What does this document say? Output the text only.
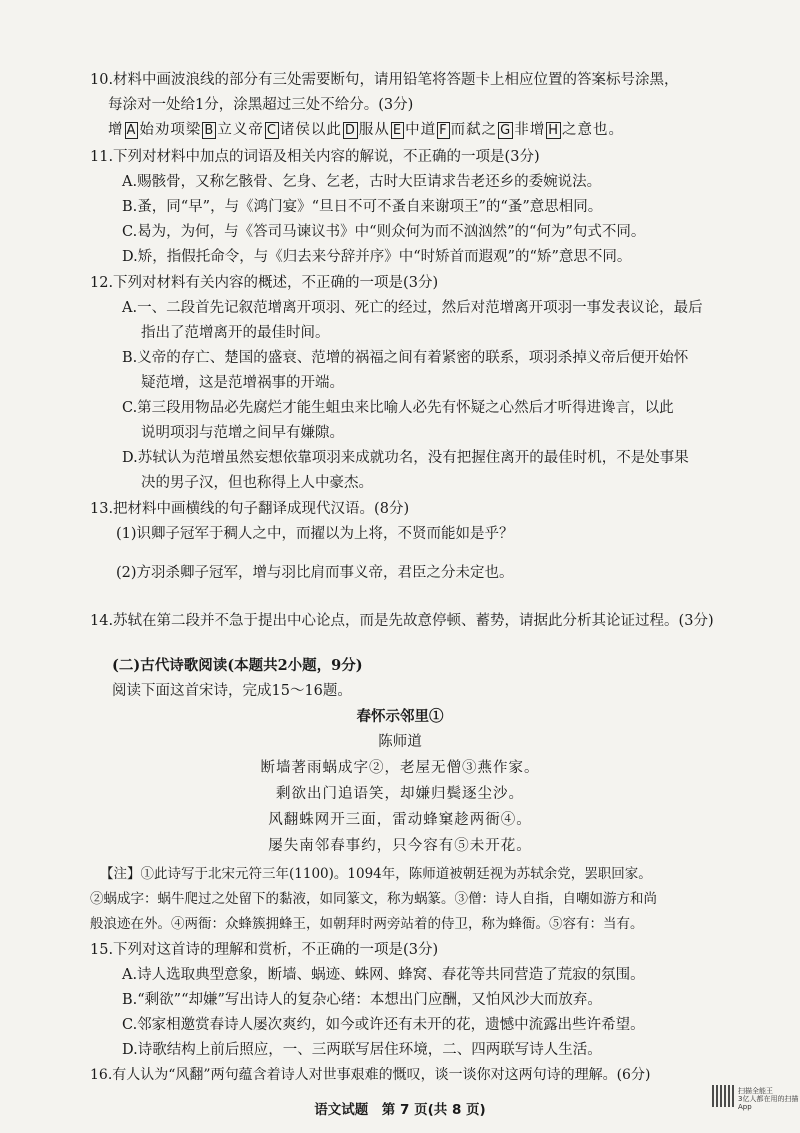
10.材料中画波浪线的部分有三处需要断句，请用铅笔将答题卡上相应位置的答案标号涂黑，
每涂对一处给1分，涂黑超过三处不给分。(3分)
增 A 始劝项梁 B 立义帝 C 诸侯以此 D 服从 E 中道 F 而弑之 G 非增 H 之意也。
11.下列对材料中加点的词语及相关内容的解说，不正确的一项是(3分)
A.赐骸骨，又称乞骸骨、乞身、乞老，古时大臣请求告老还乡的委婉说法。
B.蚤，同“早”，与《鸿门宴》“旦日不可不蚤自来谢项王”的“蚤”意思相同。
C.曷为，为何，与《答司马谏议书》中“则众何为而不汹汹然”的“何为”句式不同。
D.矫，指假托命令，与《归去来兮辞并序》中“时矫首而遐观”的“矫”意思不同。
12.下列对材料有关内容的概述，不正确的一项是(3分)
A.一、二段首先记叙范增离开项羽、死亡的经过，然后对范增离开项羽一事发表议论，最后
指出了范增离开的最佳时间。
B.义帝的存亡、楚国的盛衰、范增的祸福之间有着紧密的联系，项羽杀掉义帝后便开始怀
疑范增，这是范增祸事的开端。
C.第三段用物品必先腐烂才能生蛆虫来比喻人必先有怀疑之心然后才听得进谗言，以此
说明项羽与范增之间早有嫌隙。
D.苏轼认为范增虽然妄想依靠项羽来成就功名，没有把握住离开的最佳时机，不是处事果
决的男子汉，但也称得上人中豪杰。
13.把材料中画横线的句子翻译成现代汉语。(8分)
(1)识卿子冠军于稠人之中，而擢以为上将，不贤而能如是乎？
(2)方羽杀卿子冠军，增与羽比肩而事义帝，君臣之分未定也。
14.苏轼在第二段并不急于提出中心论点，而是先故意停顿、蓄势，请据此分析其论证过程。(3分)
(二)古代诗歌阅读(本题共2小题，9分)
阅读下面这首宋诗，完成15～16题。
春怀示邻里①
陈师道
断墙著雨蜗成字②，老屋无僧③燕作家。
剩欲出门追语笑，却嫌归鬓逐尘沙。
风翻蛛网开三面，雷动蜂窠趁两衙④。
屡失南邻春事约，只今容有⑤未开花。
【注】①此诗写于北宋元符三年(1100)。1094年，陈师道被朝廷视为苏轼余党，罢职回家。
②蜗成字：蜗牛爬过之处留下的黏液，如同篆文，称为蜗篆。③僧：诗人自指，自嘲如游方和尚
般浪迹在外。④两衙：众蜂簇拥蜂王，如朝拜时两旁站着的侍卫，称为蜂衙。⑤容有：当有。
15.下列对这首诗的理解和赏析，不正确的一项是(3分)
A.诗人选取典型意象，断墙、蜗迹、蛛网、蜂窝、春花等共同营造了荒寂的氛围。
B.“剩欲”“却嫌”写出诗人的复杂心绪：本想出门应酬，又怕风沙大而放弃。
C.邻家相邀赏春诗人屡次爽约，如今或许还有未开的花，遗憾中流露出些许希望。
D.诗歌结构上前后照应，一、三两联写居住环境，二、四两联写诗人生活。
16.有人认为“风翻”两句蕴含着诗人对世事艰难的慨叹，谈一谈你对这两句诗的理解。(6分)
语文试题　第 7 页(共 8 页)
扫描全能王
3亿人都在用的扫描App
